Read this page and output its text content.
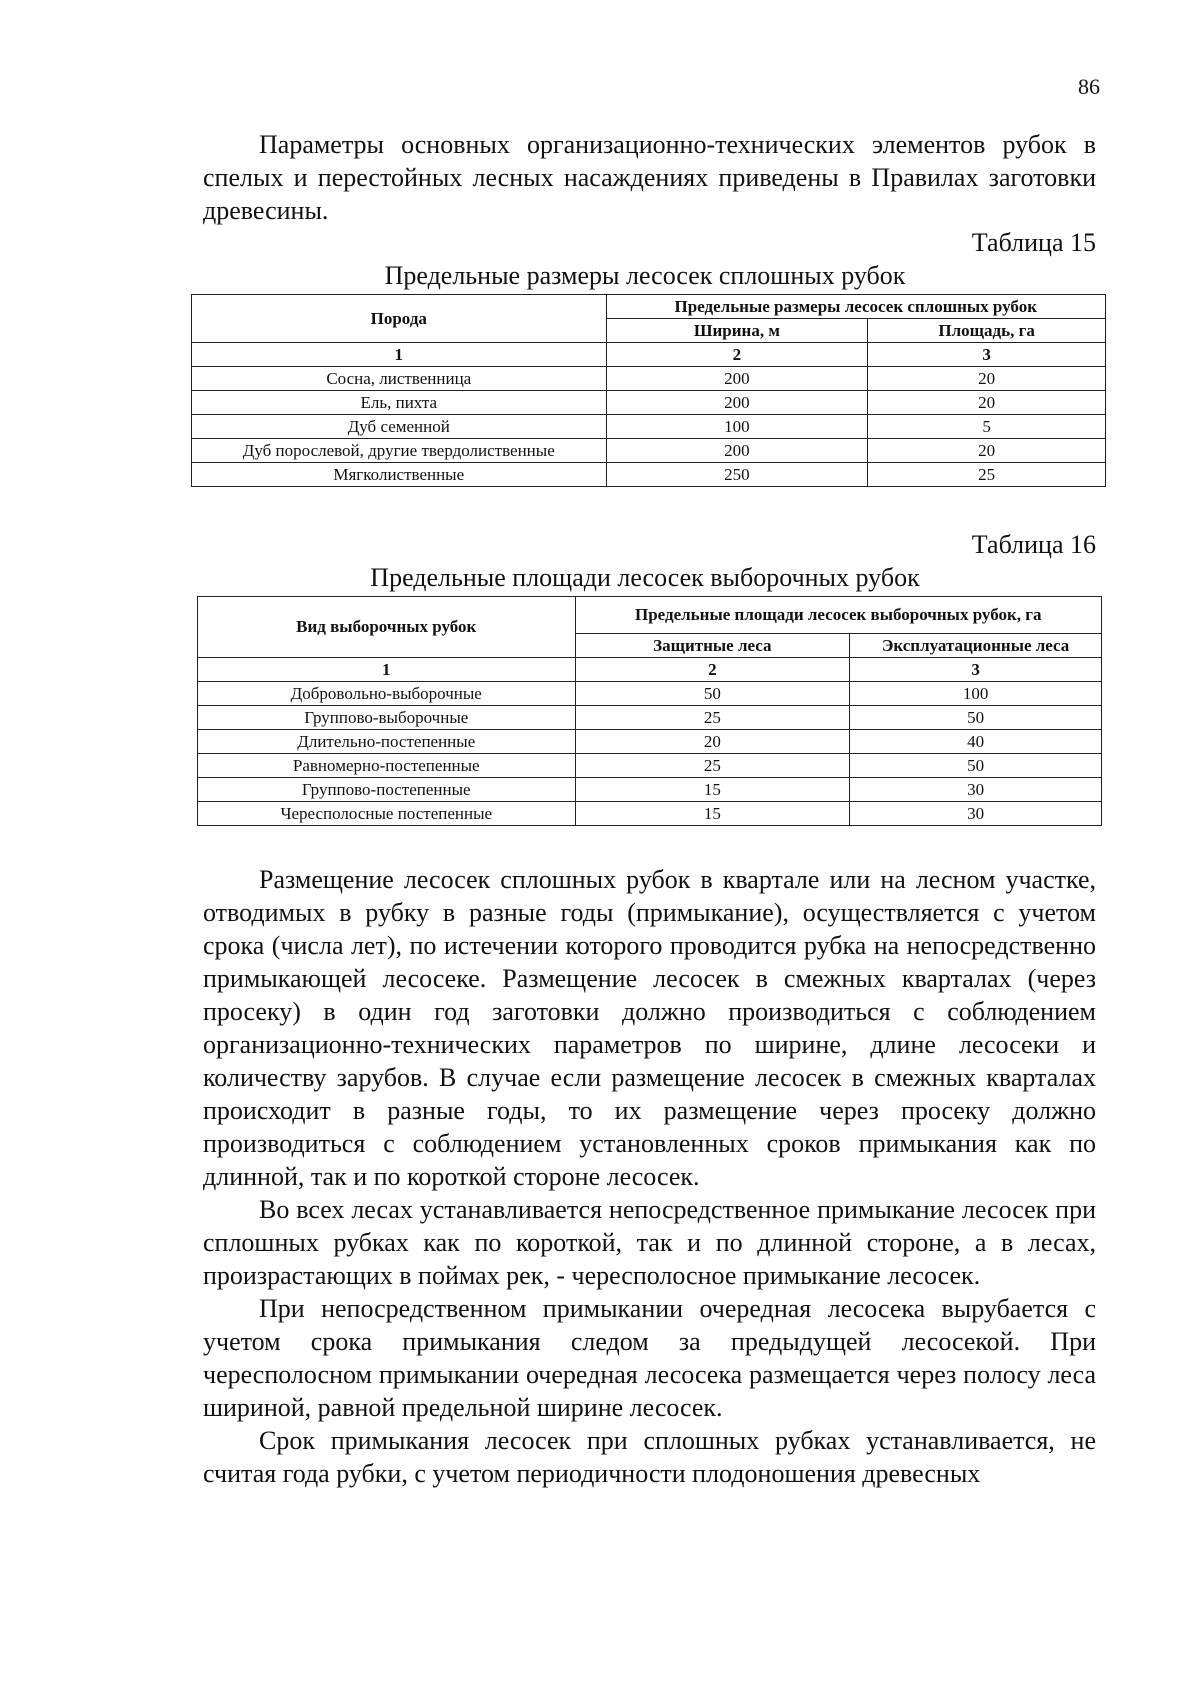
86

Параметры основных организационно-технических элементов рубок в спелых и перестойных лесных насаждениях приведены в Правилах заготовки древесины.

Таблица 15
Предельные размеры лесосек сплошных рубок
Порода	Предельные размеры лесосек сплошных рубок	
	Ширина, м	Площадь, га
1	2	3
Сосна, лиственница	200	20
Ель, пихта	200	20
Дуб семенной	100	5
Дуб порослевой, другие твердолиственные	200	20
Мягколиственные	250	25
Таблица 16
Предельные площади лесосек выборочных рубок
Вид выборочных рубок	Предельные площади лесосек выборочных рубок, га	
	Защитные леса	Эксплуатационные леса
1	2	3
Добровольно-выборочные	50	100
Группово-выборочные	25	50
Длительно-постепенные	20	40
Равномерно-постепенные	25	50
Группово-постепенные	15	30
Чересполосные постепенные	15	30

Размещение лесосек сплошных рубок в квартале или на лесном участке, отводимых в рубку в разные годы (примыкание), осуществляется с учетом срока (числа лет), по истечении которого проводится рубка на непосредственно примыкающей лесосеке. Размещение лесосек в смежных кварталах (через просеку) в один год заготовки должно производиться с соблюдением организационно-технических параметров по ширине, длине лесосеки и количеству зарубов. В случае если размещение лесосек в смежных кварталах происходит в разные годы, то их размещение через просеку должно производиться с соблюдением установленных сроков примыкания как по длинной, так и по короткой стороне лесосек.

Во всех лесах устанавливается непосредственное примыкание лесосек при сплошных рубках как по короткой, так и по длинной стороне, а в лесах, произрастающих в поймах рек, - чересполосное примыкание лесосек.

При непосредственном примыкании очередная лесосека вырубается с учетом срока примыкания следом за предыдущей лесосекой. При чересполосном примыкании очередная лесосека размещается через полосу леса шириной, равной предельной ширине лесосек.

Срок примыкания лесосек при сплошных рубках устанавливается, не считая года рубки, с учетом периодичности плодоношения древесных
